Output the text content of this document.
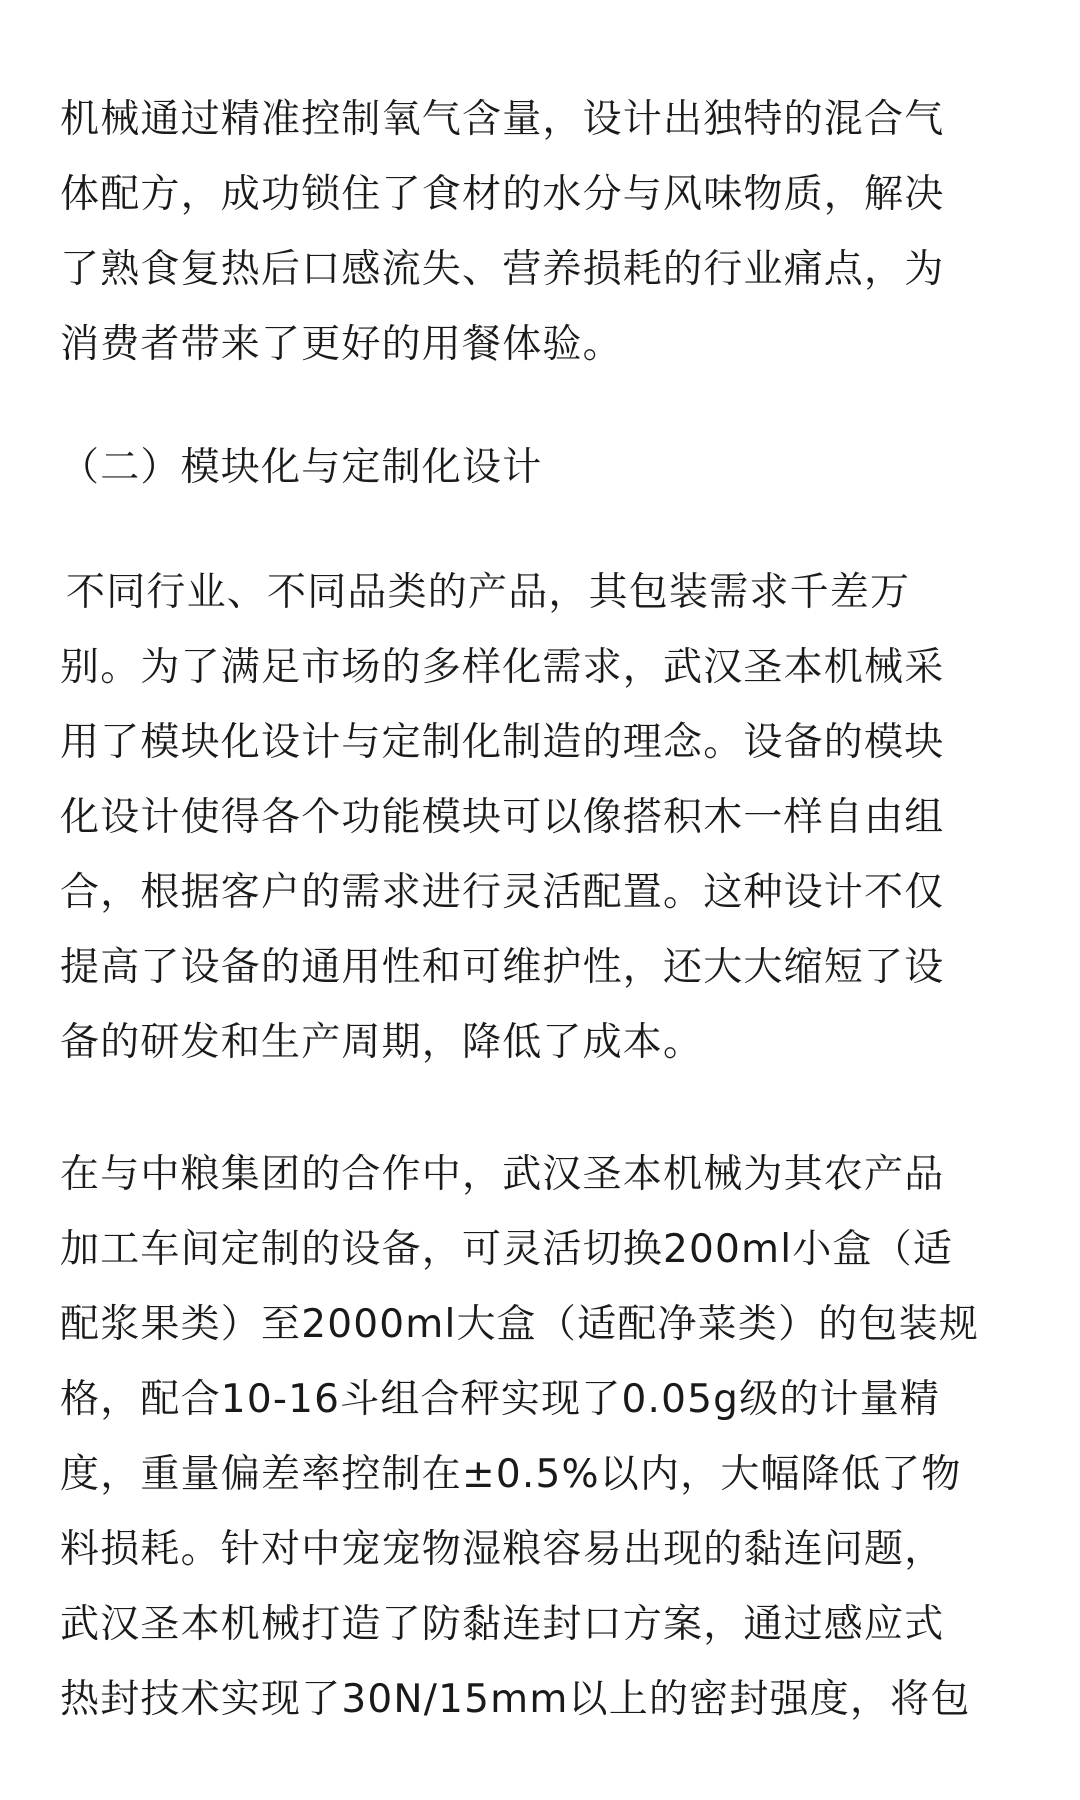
机械通过精准控制氧气含量，设计出独特的混合气
体配方，成功锁住了食材的水分与风味物质，解决
了熟食复热后口感流失、营养损耗的行业痛点，为
消费者带来了更好的用餐体验。

（二）模块化与定制化设计

不同行业、不同品类的产品，其包装需求千差万
别。为了满足市场的多样化需求，武汉圣本机械采
用了模块化设计与定制化制造的理念。设备的模块
化设计使得各个功能模块可以像搭积木一样自由组
合，根据客户的需求进行灵活配置。这种设计不仅
提高了设备的通用性和可维护性，还大大缩短了设
备的研发和生产周期，降低了成本。

在与中粮集团的合作中，武汉圣本机械为其农产品
加工车间定制的设备，可灵活切换200ml小盒（适
配浆果类）至2000ml大盒（适配净菜类）的包装规
格，配合10-16斗组合秤实现了0.05g级的计量精
度，重量偏差率控制在±0.5%以内，大幅降低了物
料损耗。针对中宠宠物湿粮容易出现的黏连问题，
武汉圣本机械打造了防黏连封口方案，通过感应式
热封技术实现了30N/15mm以上的密封强度，将包
